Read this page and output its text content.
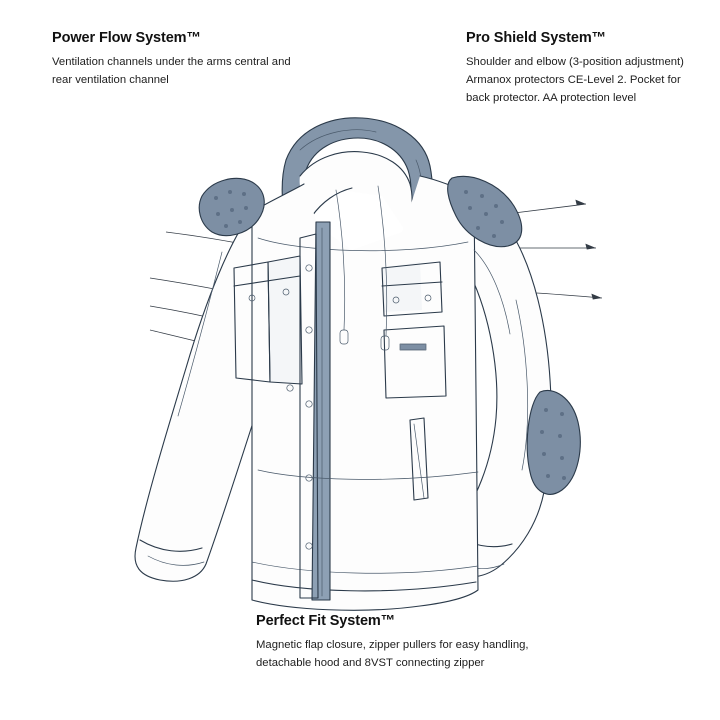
Power Flow System™

Ventilation channels under the arms central and rear ventilation channel

Pro Shield System™

Shoulder and elbow (3-position adjustment) Armanox protectors CE-Level 2. Pocket for back protector. AA protection level

Perfect Fit System™

Magnetic flap closure, zipper pullers for easy handling, detachable hood and 8VST connecting zipper
